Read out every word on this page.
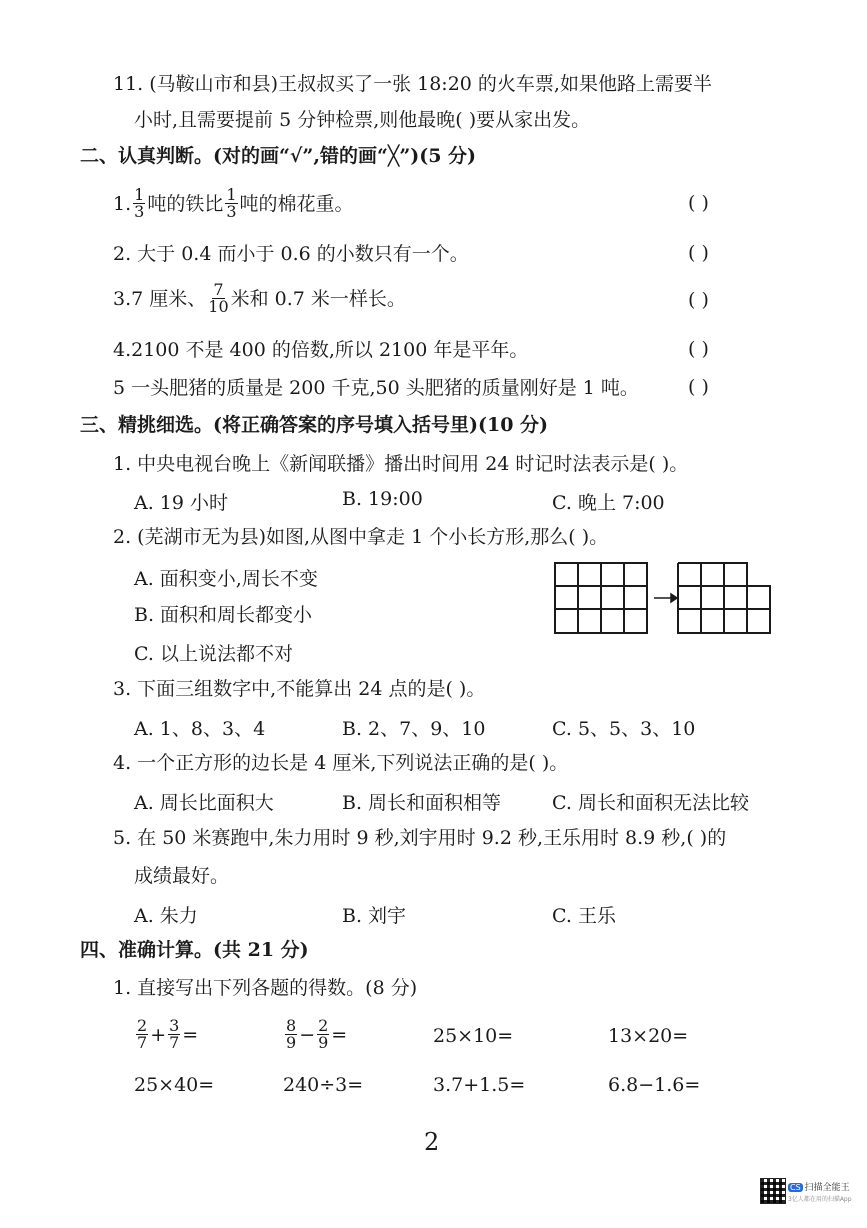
11. (马鞍山市和县)王叔叔买了一张 18:20 的火车票,如果他路上需要半
小时,且需要提前 5 分钟检票,则他最晚( )要从家出发。
二、认真判断。(对的画“√”,错的画“╳”)(5 分)
1. $\frac{1}{3}$ 吨的铁比 $\frac{1}{3}$ 吨的棉花重。	( )
2. 大于 0.4 而小于 0.6 的小数只有一个。	( )
3.7 厘米、 $\frac{7}{10}$ 米和 0.7 米一样长。	( )
4.2100 不是 400 的倍数,所以 2100 年是平年。	( )
5 一头肥猪的质量是 200 千克,50 头肥猪的质量刚好是 1 吨。	( )
三、精挑细选。(将正确答案的序号填入括号里)(10 分)
1. 中央电视台晚上《新闻联播》播出时间用 24 时记时法表示是( )。
A. 19 小时	B. 19:00	C. 晚上 7:00
2. (芜湖市无为县)如图,从图中拿走 1 个小长方形,那么( )。
A. 面积变小,周长不变
B. 面积和周长都变小
C. 以上说法都不对
3. 下面三组数字中,不能算出 24 点的是( )。
A. 1、8、3、4	B. 2、7、9、10	C. 5、5、3、10
4. 一个正方形的边长是 4 厘米,下列说法正确的是( )。
A. 周长比面积大	B. 周长和面积相等	C. 周长和面积无法比较
5. 在 50 米赛跑中,朱力用时 9 秒,刘宇用时 9.2 秒,王乐用时 8.9 秒,( )的
成绩最好。
A. 朱力	B. 刘宇	C. 王乐
四、准确计算。(共 21 分)
1. 直接写出下列各题的得数。(8 分)
$\frac{2}{7} + \frac{3}{7}$ =	$\frac{8}{9} - \frac{2}{9}$ =	25×10=	13×20=
25×40=	240÷3=	3.7+1.5=	6.8−1.6=
2
CS 扫描全能王
3亿人都在用的扫描App
